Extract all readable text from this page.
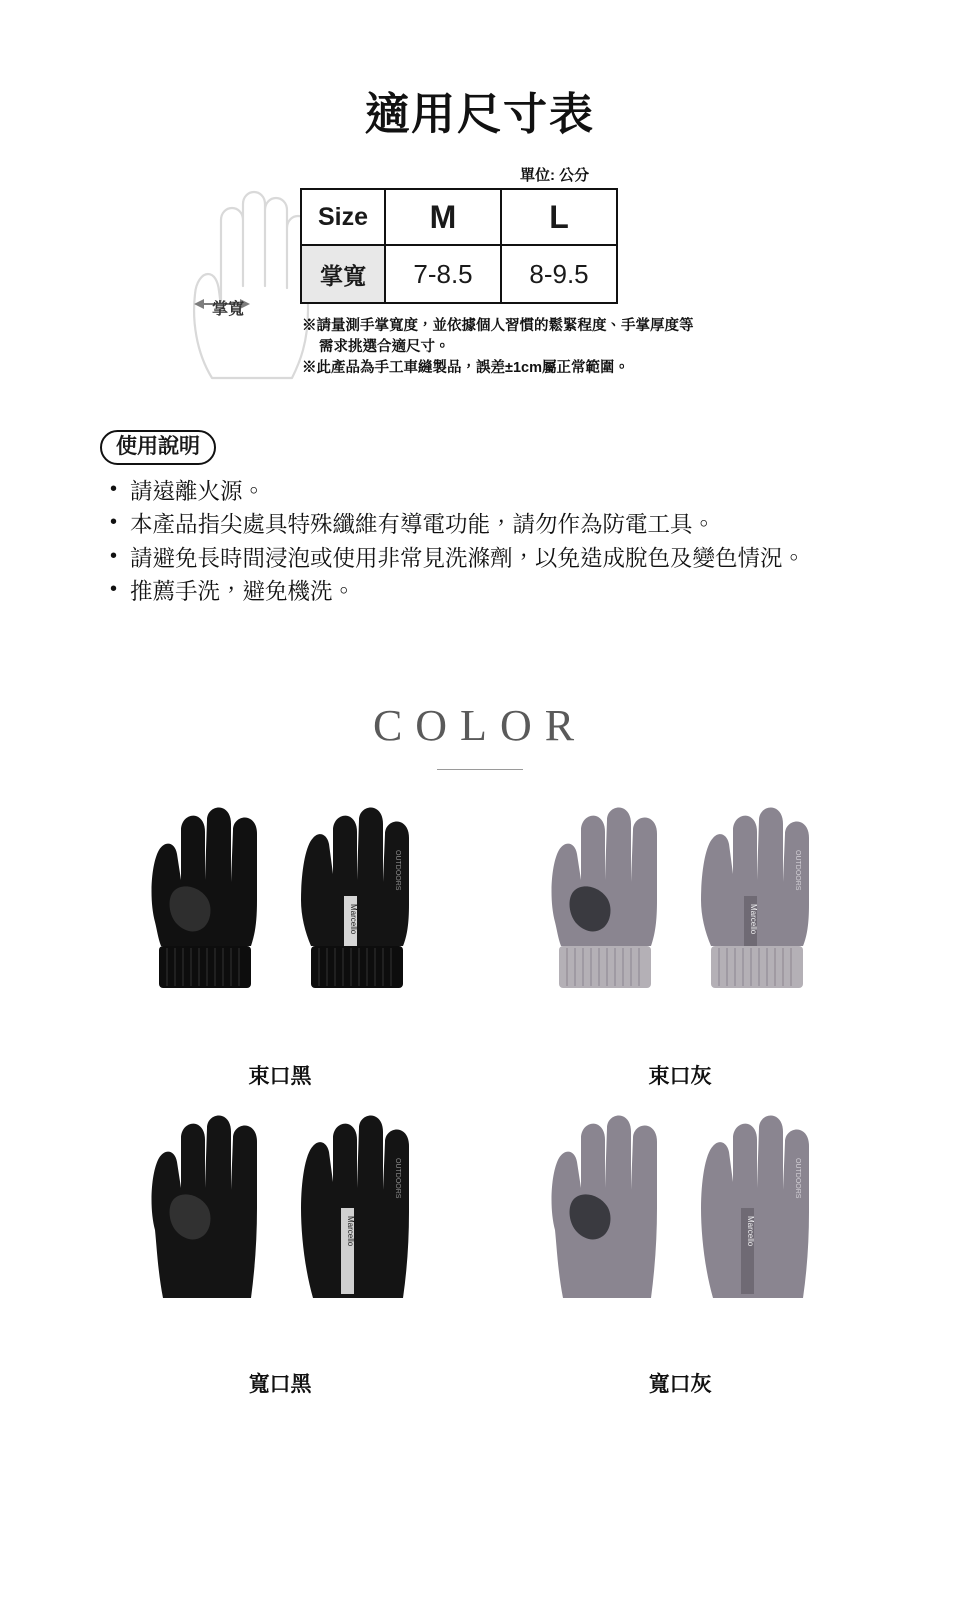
適用尺寸表
掌寬
單位: 公分
Size	M	L
掌寬	7-8.5	8-9.5
※請量測手掌寬度，並依據個人習慣的鬆緊程度、手掌厚度等
需求挑選合適尺寸。
※此產品為手工車縫製品，誤差±1cm屬正常範圍。
使用說明
• 請遠離火源。
• 本產品指尖處具特殊纖維有導電功能，請勿作為防電工具。
• 請避免長時間浸泡或使用非常見洗滌劑，以免造成脫色及變色情況。
• 推薦手洗，避免機洗。
COLOR
OUTDOORS
Marcello
束口黑
OUTDOORS
Marcello
束口灰
OUTDOORS
Marcello
寬口黑
OUTDOORS
Marcello
寬口灰
